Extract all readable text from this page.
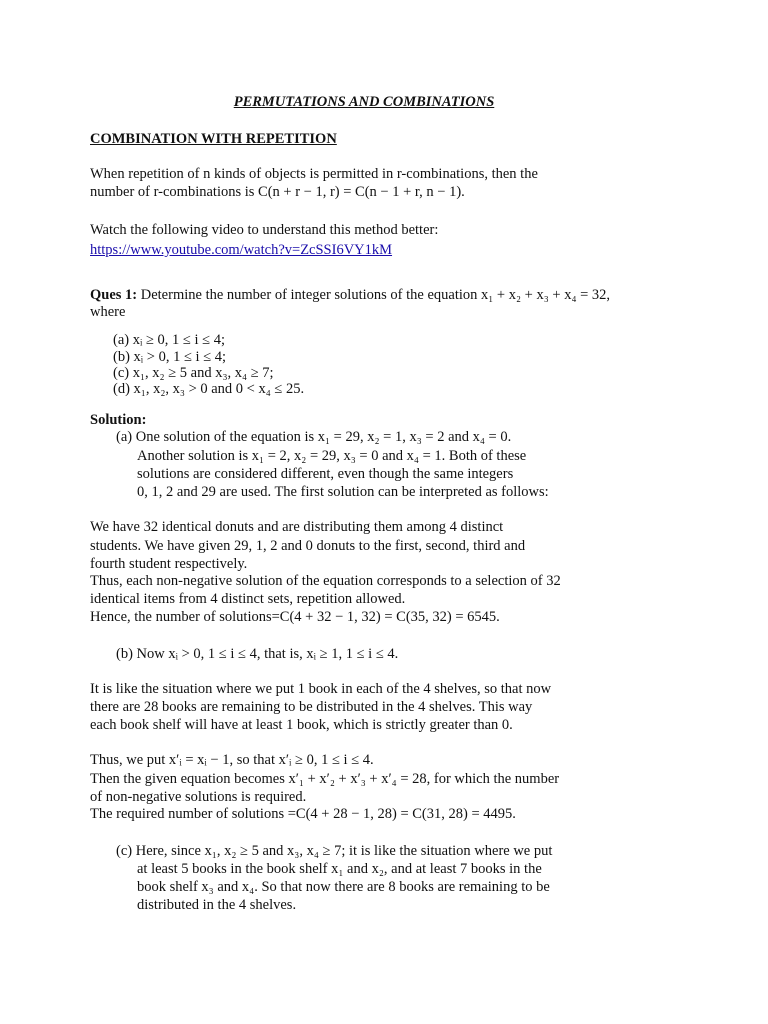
PERMUTATIONS AND COMBINATIONS
COMBINATION WITH REPETITION
When repetition of n kinds of objects is permitted in r-combinations, then the
number of r-combinations is C(n + r − 1, r) = C(n − 1 + r, n − 1).
Watch the following video to understand this method better:
https://www.youtube.com/watch?v=ZcSSI6VY1kM
Ques 1: Determine the number of integer solutions of the equation x₁ + x₂ + x₃ + x₄ = 32,
where
(a) xᵢ ≥ 0, 1 ≤ i ≤ 4;
(b) xᵢ > 0, 1 ≤ i ≤ 4;
(c) x₁, x₂ ≥ 5 and x₃, x₄ ≥ 7;
(d) x₁, x₂, x₃ > 0 and 0 < x₄ ≤ 25.
Solution:
(a) One solution of the equation is x₁ = 29, x₂ = 1, x₃ = 2 and x₄ = 0.
Another solution is x₁ = 2, x₂ = 29, x₃ = 0 and x₄ = 1. Both of these
solutions are considered different, even though the same integers
0, 1, 2 and 29 are used. The first solution can be interpreted as follows:
We have 32 identical donuts and are distributing them among 4 distinct
students. We have given 29, 1, 2 and 0 donuts to the first, second, third and
fourth student respectively.
Thus, each non-negative solution of the equation corresponds to a selection of 32
identical items from 4 distinct sets, repetition allowed.
Hence, the number of solutions=C(4 + 32 − 1, 32) = C(35, 32) = 6545.
(b) Now xᵢ > 0, 1 ≤ i ≤ 4, that is, xᵢ ≥ 1, 1 ≤ i ≤ 4.
It is like the situation where we put 1 book in each of the 4 shelves, so that now
there are 28 books are remaining to be distributed in the 4 shelves. This way
each book shelf will have at least 1 book, which is strictly greater than 0.
Thus, we put x′ᵢ = xᵢ − 1, so that x′ᵢ ≥ 0, 1 ≤ i ≤ 4.
Then the given equation becomes x′₁ + x′₂ + x′₃ + x′₄ = 28, for which the number
of non-negative solutions is required.
The required number of solutions =C(4 + 28 − 1, 28) = C(31, 28) = 4495.
(c) Here, since x₁, x₂ ≥ 5 and x₃, x₄ ≥ 7; it is like the situation where we put
at least 5 books in the book shelf x₁ and x₂, and at least 7 books in the
book shelf x₃ and x₄. So that now there are 8 books are remaining to be
distributed in the 4 shelves.
